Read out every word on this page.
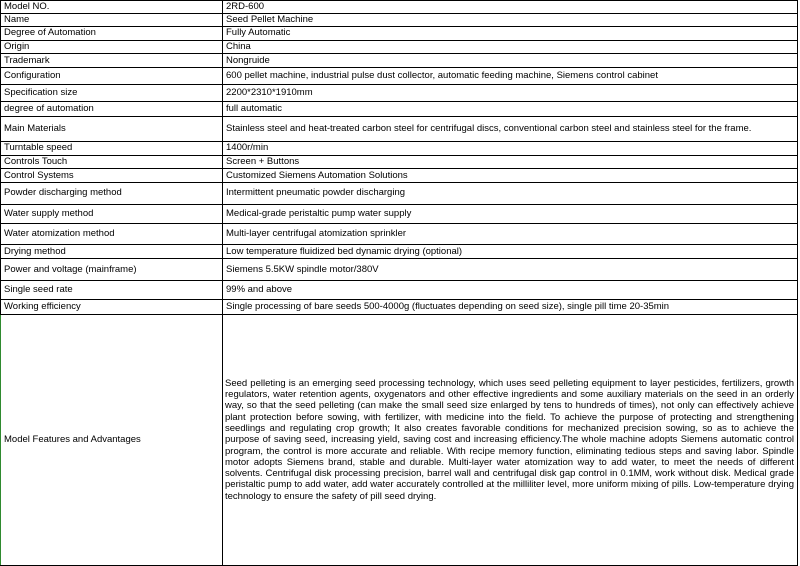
Model NO.	2RD-600
Name	Seed Pellet Machine
Degree of Automation	Fully Automatic
Origin	China
Trademark	Nongruide
Configuration	600 pellet machine, industrial pulse dust collector, automatic feeding machine, Siemens control cabinet
Specification size	2200*2310*1910mm
degree of automation	full automatic
Main Materials	Stainless steel and heat-treated carbon steel for centrifugal discs, conventional carbon steel and stainless steel for the frame.
Turntable speed	1400r/min
Controls Touch	Screen + Buttons
Control Systems	Customized Siemens Automation Solutions
Powder discharging method	Intermittent pneumatic powder discharging
Water supply method	Medical-grade peristaltic pump water supply
Water atomization method	Multi-layer centrifugal atomization sprinkler
Drying method	Low temperature fluidized bed dynamic drying (optional)
Power and voltage (mainframe)	Siemens 5.5KW spindle motor/380V
Single seed rate	99% and above
Working efficiency	Single processing of bare seeds 500-4000g (fluctuates depending on seed size), single pill time 20-35min
Model Features and Advantages	Seed pelleting is an emerging seed processing technology, which uses seed pelleting equipment to layer pesticides, fertilizers, growth regulators, water retention agents, oxygenators and other effective ingredients and some auxiliary materials on the seed in an orderly way, so that the seed pelleting (can make the small seed size enlarged by tens to hundreds of times), not only can effectively achieve plant protection before sowing, with fertilizer, with medicine into the field. To achieve the purpose of protecting and strengthening seedlings and regulating crop growth; It also creates favorable conditions for mechanized precision sowing, so as to achieve the purpose of saving seed, increasing yield, saving cost and increasing efficiency.The whole machine adopts Siemens automatic control program, the control is more accurate and reliable. With recipe memory function, eliminating tedious steps and saving labor. Spindle motor adopts Siemens brand, stable and durable. Multi-layer water atomization way to add water, to meet the needs of different solvents. Centrifugal disk processing precision, barrel wall and centrifugal disk gap control in 0.1MM, work without disk. Medical grade peristaltic pump to add water, add water accurately controlled at the milliliter level, more uniform mixing of pills. Low-temperature drying technology to ensure the safety of pill seed drying.
